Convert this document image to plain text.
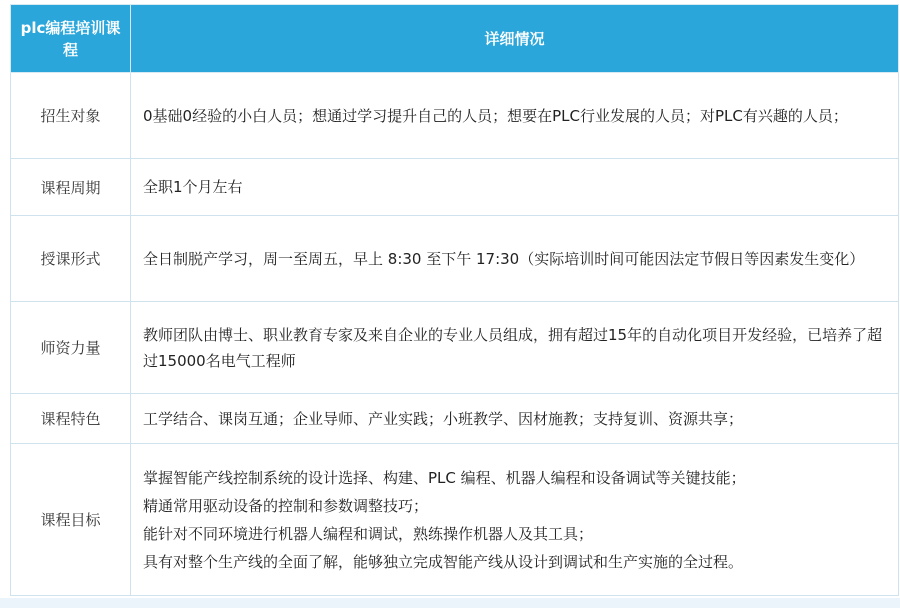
plc编程培训课程	详细情况
招生对象	0基础0经验的小白人员；想通过学习提升自己的人员；想要在PLC行业发展的人员；对PLC有兴趣的人员；
课程周期	全职1个月左右
授课形式	全日制脱产学习，周一至周五，早上 8:30 至下午 17:30（实际培训时间可能因法定节假日等因素发生变化）
师资力量	教师团队由博士、职业教育专家及来自企业的专业人员组成，拥有超过15年的自动化项目开发经验，已培养了超过15000名电气工程师
课程特色	工学结合、课岗互通；企业导师、产业实践；小班教学、因材施教；支持复训、资源共享；
课程目标	掌握智能产线控制系统的设计选择、构建、PLC 编程、机器人编程和设备调试等关键技能；
精通常用驱动设备的控制和参数调整技巧；
能针对不同环境进行机器人编程和调试，熟练操作机器人及其工具；
具有对整个生产线的全面了解，能够独立完成智能产线从设计到调试和生产实施的全过程。
